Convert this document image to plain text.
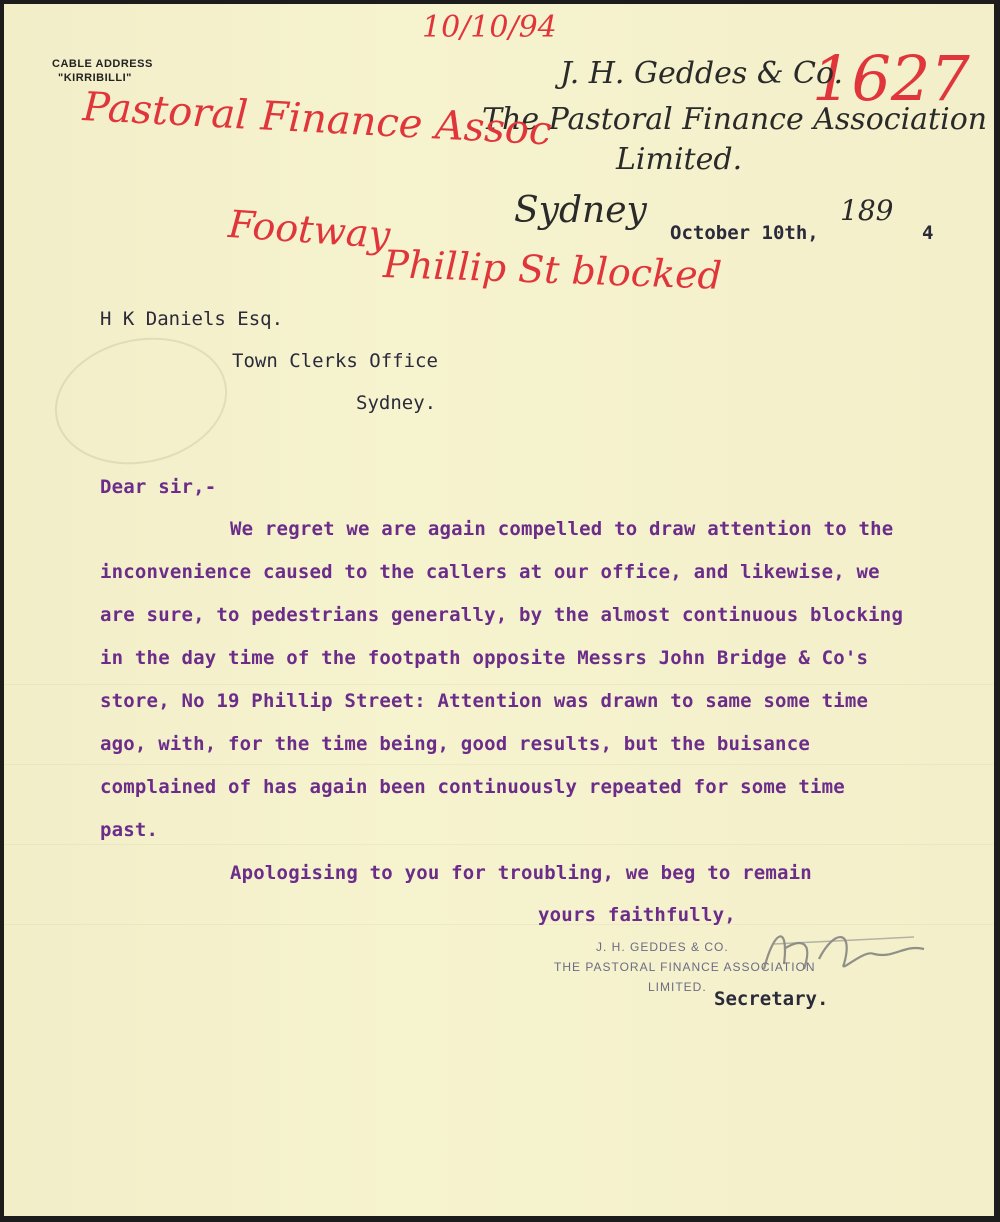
CABLE ADDRESS
"KIRRIBILLI"
10/10/94
1627
J. H. Geddes & Co.
The Pastoral Finance Association
Limited.
Pastoral Finance Assoc
Sydney
October 10th,
189
4
Footway
Phillip St blocked
H K Daniels Esq.
Town Clerks Office
Sydney.
Dear sir,-
We regret we are again compelled to draw attention to the
inconvenience caused to the callers at our office, and likewise, we
are sure, to pedestrians generally, by the almost continuous blocking
in the day time of the footpath opposite Messrs John Bridge & Co's
store, No 19 Phillip Street: Attention was drawn to same some time
ago, with, for the time being, good results, but the buisance
complained of has again been continuously repeated for some time
past.
Apologising to you for troubling, we beg to remain
yours faithfully,
J. H. GEDDES & CO.
THE PASTORAL FINANCE ASSOCIATION
LIMITED.
Secretary.
